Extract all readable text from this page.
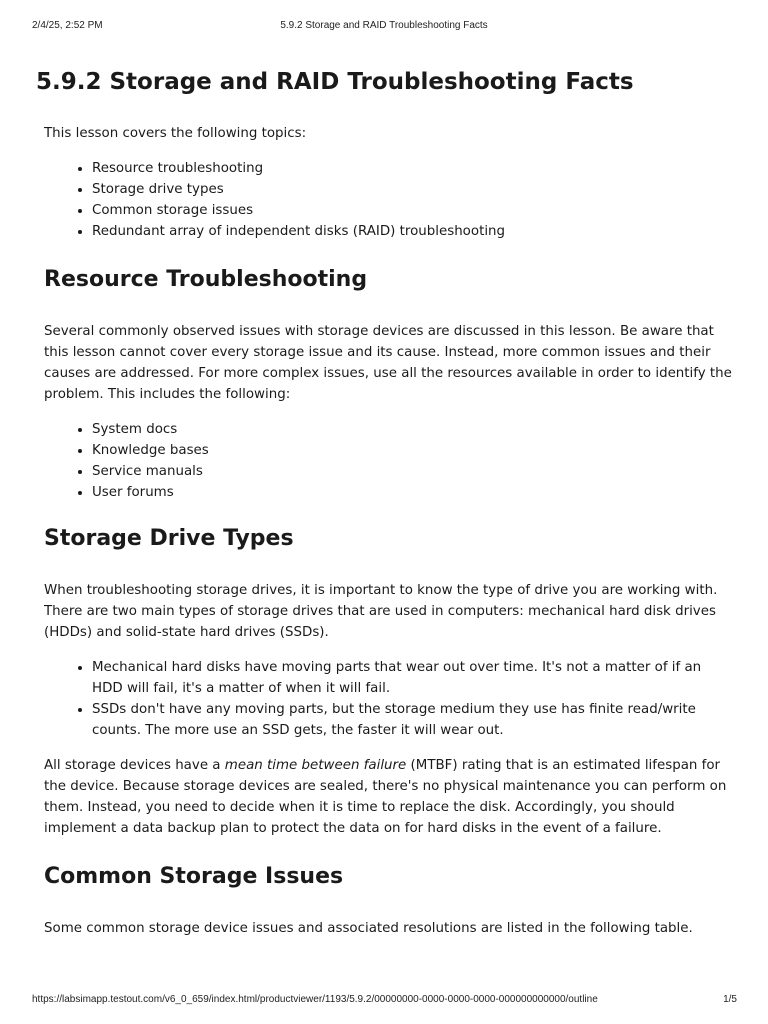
2/4/25, 2:52 PM	5.9.2 Storage and RAID Troubleshooting Facts
5.9.2 Storage and RAID Troubleshooting Facts

This lesson covers the following topics:

• Resource troubleshooting
• Storage drive types
• Common storage issues
• Redundant array of independent disks (RAID) troubleshooting
Resource Troubleshooting

Several commonly observed issues with storage devices are discussed in this lesson. Be aware that this lesson cannot cover every storage issue and its cause. Instead, more common issues and their causes are addressed. For more complex issues, use all the resources available in order to identify the problem. This includes the following:

• System docs
• Knowledge bases
• Service manuals
• User forums
Storage Drive Types

When troubleshooting storage drives, it is important to know the type of drive you are working with. There are two main types of storage drives that are used in computers: mechanical hard disk drives (HDDs) and solid-state hard drives (SSDs).

• Mechanical hard disks have moving parts that wear out over time. It's not a matter of if an HDD will fail, it's a matter of when it will fail.
• SSDs don't have any moving parts, but the storage medium they use has finite read/write counts. The more use an SSD gets, the faster it will wear out.

All storage devices have a mean time between failure (MTBF) rating that is an estimated lifespan for the device. Because storage devices are sealed, there's no physical maintenance you can perform on them. Instead, you need to decide when it is time to replace the disk. Accordingly, you should implement a data backup plan to protect the data on for hard disks in the event of a failure.

Common Storage Issues

Some common storage device issues and associated resolutions are listed in the following table.

https://labsimapp.testout.com/v6_0_659/index.html/productviewer/1193/5.9.2/00000000-0000-0000-0000-000000000000/outline	1/5
